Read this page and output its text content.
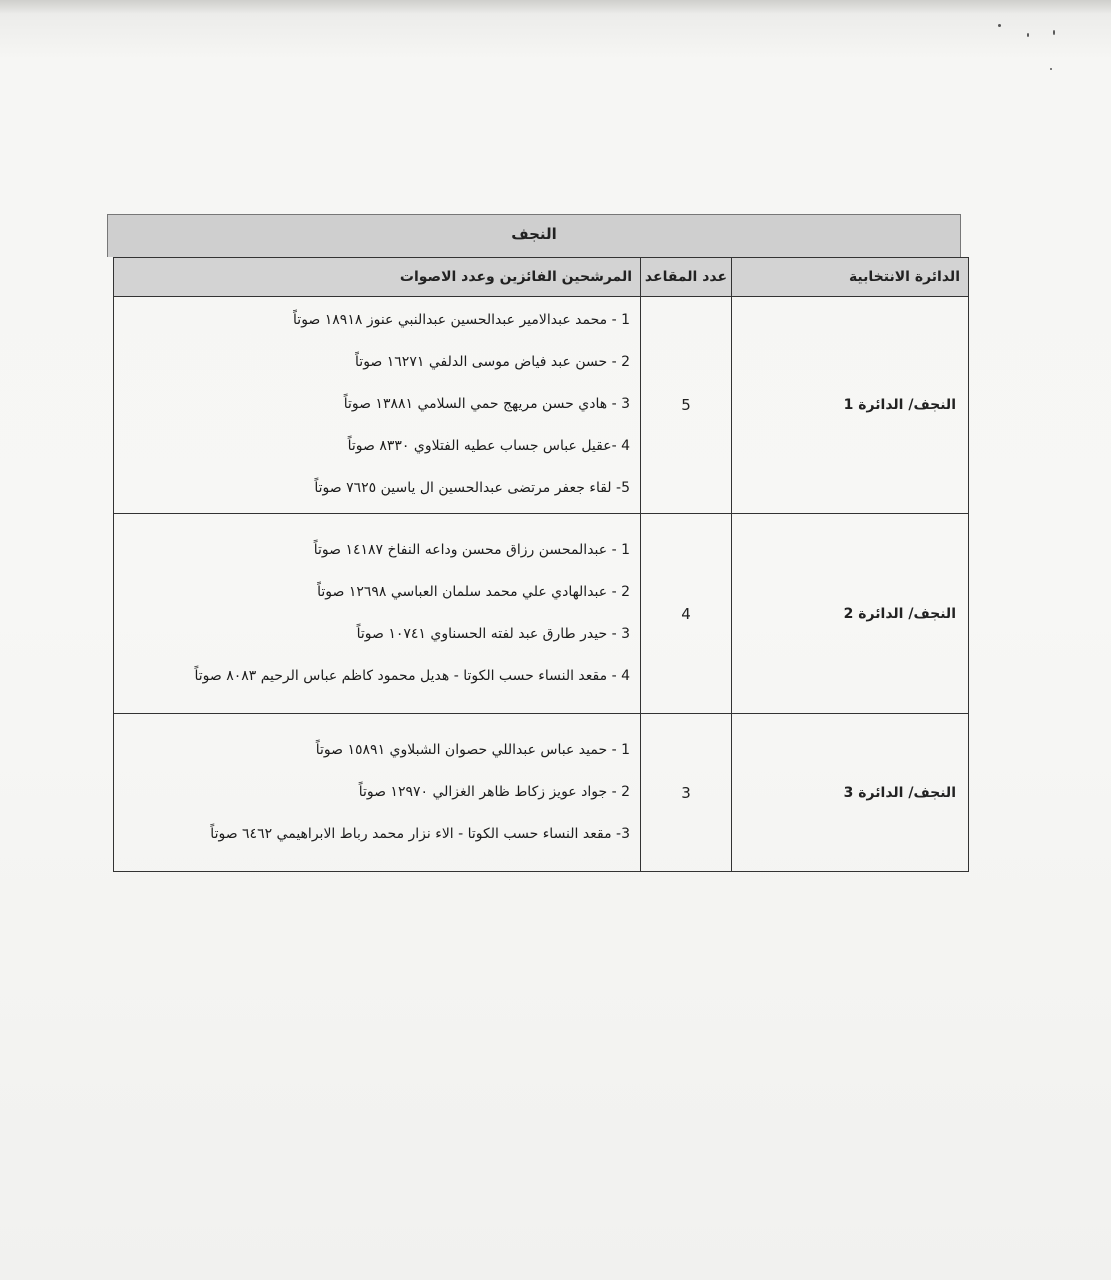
النجف
الدائرة الانتخابية	عدد المقاعد	المرشحين الفائزين وعدد الاصوات
النجف/ الدائرة 1	5	1 - محمد عبدالامير عبدالحسين عبدالنبي عنوز ١٨٩١٨ صوتاً
2 - حسن عبد فياض موسى الدلفي ١٦٢٧١ صوتاً
3 - هادي حسن مريهج حمي السلامي ١٣٨٨١ صوتاً
4 -عقيل عباس جساب عطيه الفتلاوي ٨٣٣٠ صوتاً
5- لقاء جعفر مرتضى عبدالحسين ال ياسين ٧٦٢٥ صوتاً

النجف/ الدائرة 2	4	1 - عبدالمحسن رزاق محسن وداعه النفاخ ١٤١٨٧ صوتاً
2 - عبدالهادي علي محمد سلمان العباسي ١٢٦٩٨ صوتاً
3 - حيدر طارق عبد لفته الحسناوي ١٠٧٤١ صوتاً
4 - مقعد النساء حسب الكوتا - هديل محمود كاظم عباس الرحيم ٨٠٨٣ صوتاً

النجف/ الدائرة 3	3	1 - حميد عباس عبداللي حصوان الشبلاوي ١٥٨٩١ صوتاً
2 - جواد عويز زكاط ظاهر الغزالي ١٢٩٧٠ صوتاً
3- مقعد النساء حسب الكوتا - الاء نزار محمد رباط الابراهيمي ٦٤٦٢ صوتاً
